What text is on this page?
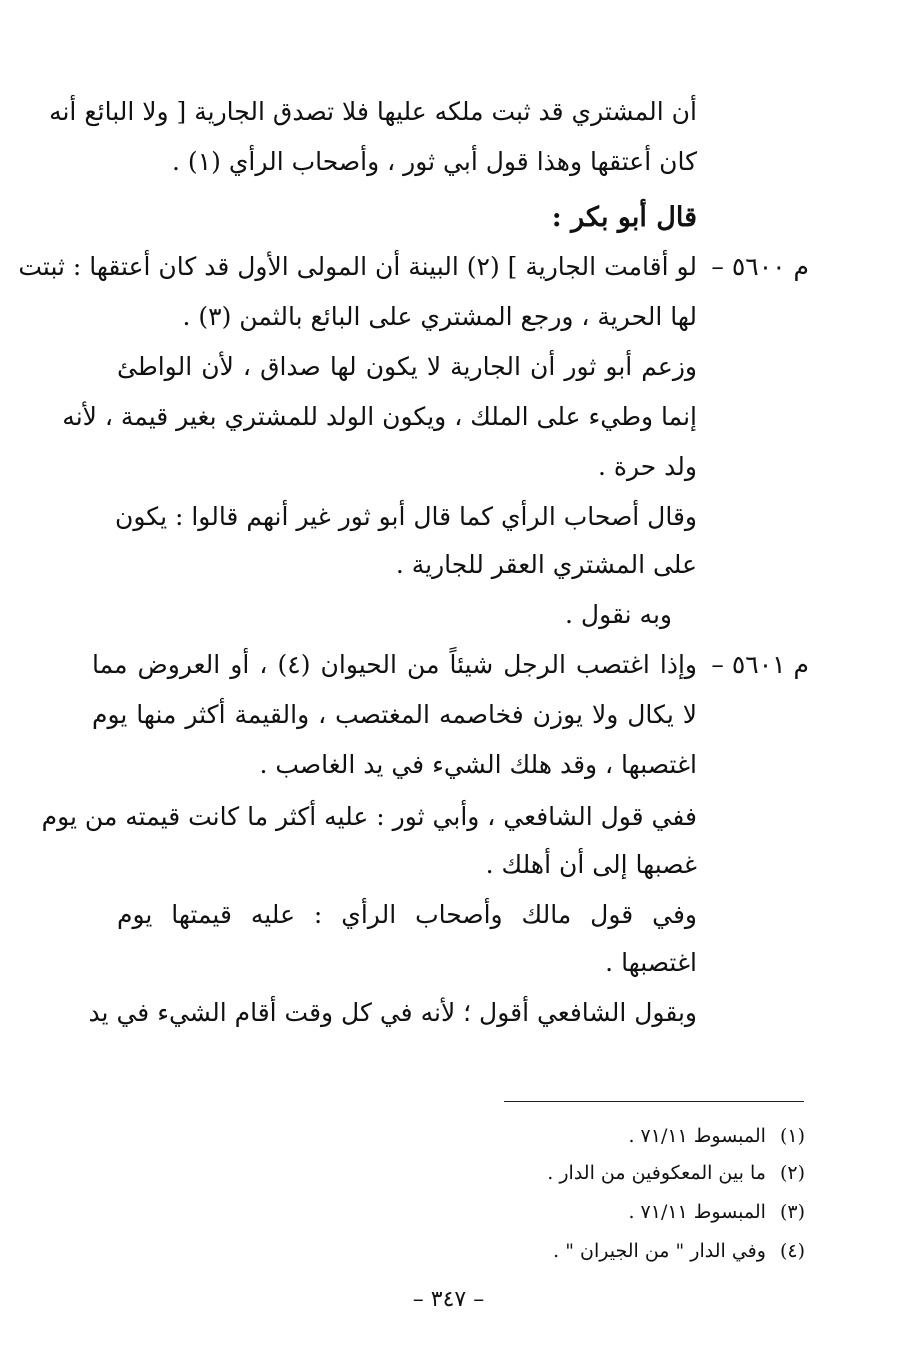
أن المشتري قد ثبت ملكه عليها فلا تصدق الجارية [ ولا البائع أنه
كان أعتقها وهذا قول أبي ثور ، وأصحاب الرأي (١) .
قال أبو بكر :
م ٥٦٠٠ –
لو أقامت الجارية ] (٢) البينة أن المولى الأول قد كان أعتقها : ثبتت
لها الحرية ، ورجع المشتري على البائع بالثمن (٣) .
وزعم أبو ثور أن الجارية لا يكون لها صداق ، لأن الواطئ
إنما وطيء على الملك ، ويكون الولد للمشتري بغير قيمة ، لأنه
ولد حرة .
وقال أصحاب الرأي كما قال أبو ثور غير أنهم قالوا : يكون
على المشتري العقر للجارية .
وبه نقول .
م ٥٦٠١ –
وإذا اغتصب الرجل شيئاً من الحيوان (٤) ، أو العروض مما
لا يكال ولا يوزن فخاصمه المغتصب ، والقيمة أكثر منها يوم
اغتصبها ، وقد هلك الشيء في يد الغاصب .
ففي قول الشافعي ، وأبي ثور : عليه أكثر ما كانت قيمته من يوم
غصبها إلى أن أهلك .
وفي قول مالك وأصحاب الرأي : عليه قيمتها يوم
اغتصبها .
وبقول الشافعي أقول ؛ لأنه في كل وقت أقام الشيء في يد
(١)المبسوط ٧١/١١ .
(٢)ما بين المعكوفين من الدار .
(٣)المبسوط ٧١/١١ .
(٤)وفي الدار " من الجيران " .
– ٣٤٧ –
